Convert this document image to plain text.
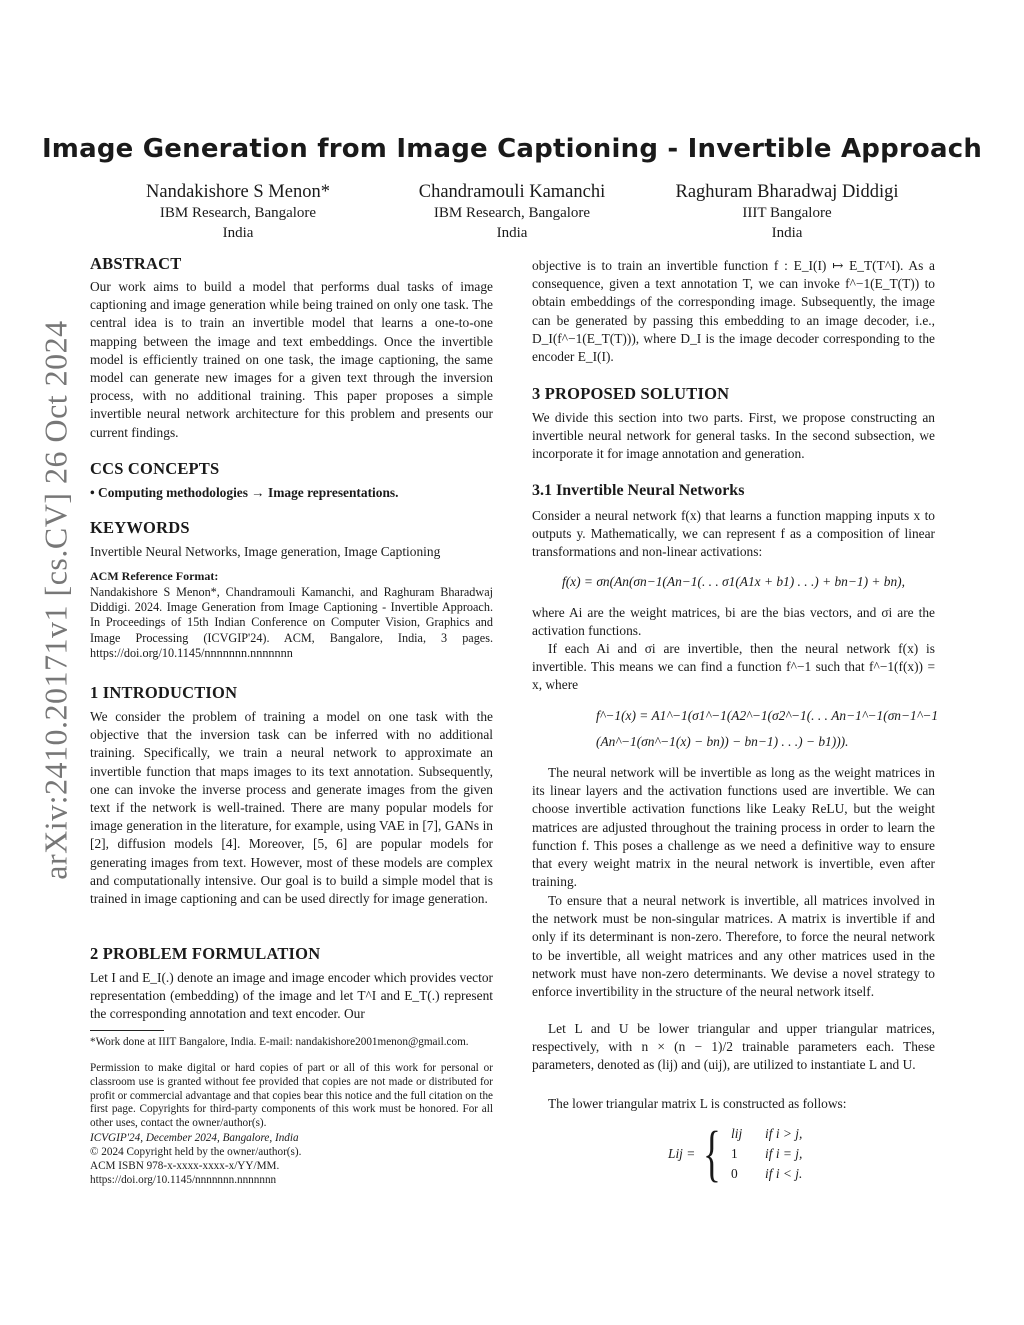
arXiv:2410.20171v1 [cs.CV] 26 Oct 2024
Image Generation from Image Captioning - Invertible Approach
Nandakishore S Menon*
IBM Research, Bangalore
India
Chandramouli Kamanchi
IBM Research, Bangalore
India
Raghuram Bharadwaj Diddigi
IIIT Bangalore
India
ABSTRACT
Our work aims to build a model that performs dual tasks of image captioning and image generation while being trained on only one task. The central idea is to train an invertible model that learns a one-to-one mapping between the image and text embeddings. Once the invertible model is efficiently trained on one task, the image captioning, the same model can generate new images for a given text through the inversion process, with no additional training. This paper proposes a simple invertible neural network architecture for this problem and presents our current findings.
CCS CONCEPTS
• Computing methodologies → Image representations.
KEYWORDS
Invertible Neural Networks, Image generation, Image Captioning
ACM Reference Format:
Nandakishore S Menon*, Chandramouli Kamanchi, and Raghuram Bharadwaj Diddigi. 2024. Image Generation from Image Captioning - Invertible Approach. In Proceedings of 15th Indian Conference on Computer Vision, Graphics and Image Processing (ICVGIP'24). ACM, Bangalore, India, 3 pages. https://doi.org/10.1145/nnnnnnn.nnnnnnn
1 INTRODUCTION
We consider the problem of training a model on one task with the objective that the inversion task can be inferred with no additional training. Specifically, we train a neural network to approximate an invertible function that maps images to its text annotation. Subsequently, one can invoke the inverse process and generate images from the given text if the network is well-trained. There are many popular models for image generation in the literature, for example, using VAE in [7], GANs in [2], diffusion models [4]. Moreover, [5, 6] are popular models for generating images from text. However, most of these models are complex and computationally intensive. Our goal is to build a simple model that is trained in image captioning and can be used directly for image generation.
2 PROBLEM FORMULATION
Let I and E_I(.) denote an image and image encoder which provides vector representation (embedding) of the image and let T^I and E_T(.) represent the corresponding annotation and text encoder. Our
*Work done at IIIT Bangalore, India. E-mail: nandakishore2001menon@gmail.com.
Permission to make digital or hard copies of part or all of this work for personal or classroom use is granted without fee provided that copies are not made or distributed for profit or commercial advantage and that copies bear this notice and the full citation on the first page. Copyrights for third-party components of this work must be honored. For all other uses, contact the owner/author(s).
ICVGIP'24, December 2024, Bangalore, India
© 2024 Copyright held by the owner/author(s).
ACM ISBN 978-x-xxxx-xxxx-x/YY/MM.
https://doi.org/10.1145/nnnnnnn.nnnnnnn
objective is to train an invertible function f : E_I(I) ↦ E_T(T^I). As a consequence, given a text annotation T, we can invoke f^−1(E_T(T)) to obtain embeddings of the corresponding image. Subsequently, the image can be generated by passing this embedding to an image decoder, i.e., D_I(f^−1(E_T(T))), where D_I is the image decoder corresponding to the encoder E_I(I).
3 PROPOSED SOLUTION
We divide this section into two parts. First, we propose constructing an invertible neural network for general tasks. In the second subsection, we incorporate it for image annotation and generation.
3.1 Invertible Neural Networks
Consider a neural network f(x) that learns a function mapping inputs x to outputs y. Mathematically, we can represent f as a composition of linear transformations and non-linear activations:
f(x) = σn(An(σn−1(An−1(. . . σ1(A1x + b1) . . .) + bn−1) + bn),
where Ai are the weight matrices, bi are the bias vectors, and σi are the activation functions.
If each Ai and σi are invertible, then the neural network f(x) is invertible. This means we can find a function f^−1 such that f^−1(f(x)) = x, where
f^−1(x) = A1^−1(σ1^−1(A2^−1(σ2^−1(. . . An−1^−1(σn−1^−1
(An^−1(σn^−1(x) − bn)) − bn−1) . . .) − b1))).
The neural network will be invertible as long as the weight matrices in its linear layers and the activation functions used are invertible. We can choose invertible activation functions like Leaky ReLU, but the weight matrices are adjusted throughout the training process in order to learn the function f. This poses a challenge as we need a definitive way to ensure that every weight matrix in the neural network is invertible, even after training.
To ensure that a neural network is invertible, all matrices involved in the network must be non-singular matrices. A matrix is invertible if and only if its determinant is non-zero. Therefore, to force the neural network to be invertible, all weight matrices and any other matrices used in the network must have non-zero determinants. We devise a novel strategy to enforce invertibility in the structure of the neural network itself.
Let L and U be lower triangular and upper triangular matrices, respectively, with n × (n − 1)/2 trainable parameters each. These parameters, denoted as (lij) and (uij), are utilized to instantiate L and U.
The lower triangular matrix L is constructed as follows:
Lij = { lij	if i > j,
1	if i = j,
0	if i < j.
